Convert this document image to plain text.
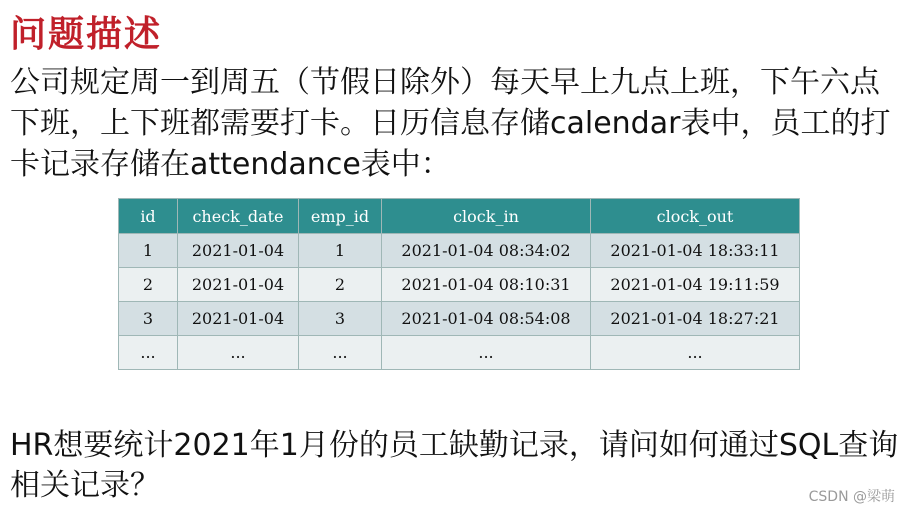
问题描述
公司规定周一到周五（节假日除外）每天早上九点上班，下午六点下班，上下班都需要打卡。日历信息存储calendar表中，员工的打卡记录存储在attendance表中：
id	check_date	emp_id	clock_in	clock_out
1	2021-01-04	1	2021-01-04 08:34:02	2021-01-04 18:33:11
2	2021-01-04	2	2021-01-04 08:10:31	2021-01-04 19:11:59
3	2021-01-04	3	2021-01-04 08:54:08	2021-01-04 18:27:21
...	...	...	...	...
HR想要统计2021年1月份的员工缺勤记录，请问如何通过SQL查询相关记录？	CSDN @梁萌
